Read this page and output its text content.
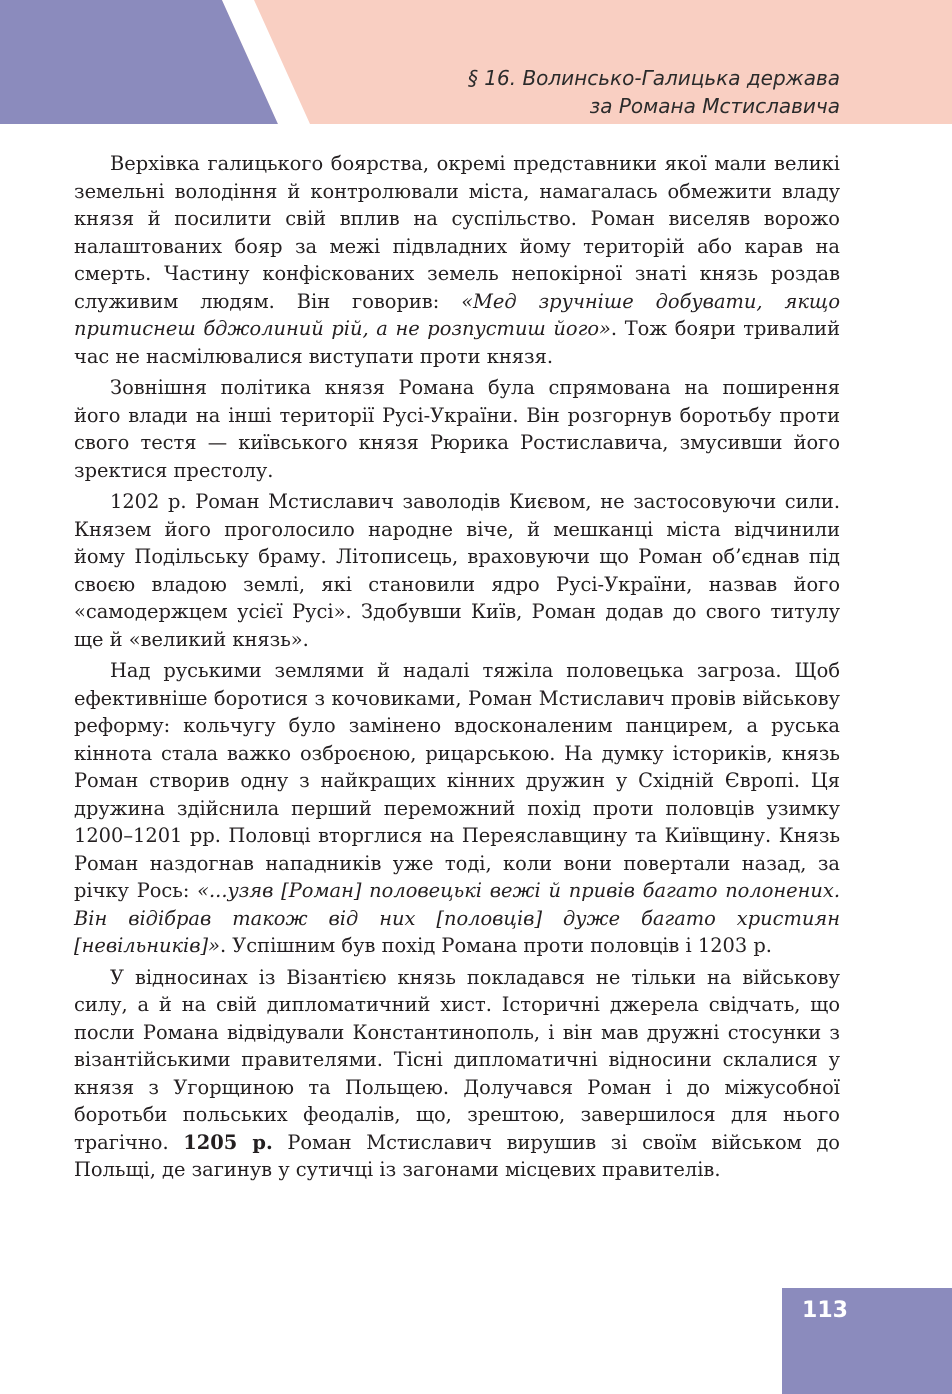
§ 16. Волинсько-Галицька держава
за Романа Мстиславича

Верхівка галицького боярства, окремі представники якої мали великі земельні володіння й контролювали міста, намагалась обмежити владу князя й посилити свій вплив на суспільство. Роман виселяв ворожо налаштованих бояр за межі підвладних йому територій або карав на смерть. Частину конфіскованих земель непокірної знаті князь роздав служивим людям. Він говорив: «Мед зручніше добувати, якщо притиснеш бджолиний рій, а не розпустиш його». Тож бояри тривалий час не насмілювалися виступати проти князя.

Зовнішня політика князя Романа була спрямована на поширення його влади на інші території Русі-України. Він розгорнув боротьбу проти свого тестя — київського князя Рюрика Ростиславича, змусивши його зректися престолу.

1202 р. Роман Мстиславич заволодів Києвом, не застосовуючи сили. Князем його проголосило народне віче, й мешканці міста відчинили йому Подільську браму. Літописець, враховуючи що Роман об’єднав під своєю владою землі, які становили ядро Русі-України, назвав його «самодержцем усієї Русі». Здобувши Київ, Роман додав до свого титулу ще й «великий князь».

Над руськими землями й надалі тяжіла половецька загроза. Щоб ефективніше боротися з кочовиками, Роман Мстиславич провів військову реформу: кольчугу було замінено вдосконаленим панцирем, а руська кіннота стала важко озброєною, рицарською. На думку істориків, князь Роман створив одну з найкращих кінних дружин у Східній Європі. Ця дружина здійснила перший переможний похід проти половців узимку 1200–1201 рр. Половці вторглися на Переяславщину та Київщину. Князь Роман наздогнав нападників уже тоді, коли вони повертали назад, за річку Рось: «...узяв [Роман] половецькі вежі й привів багато полонених. Він відібрав також від них [половців] дуже багато християн [невільників]». Успішним був похід Романа проти половців і 1203 р.

У відносинах із Візантією князь покладався не тільки на військову силу, а й на свій дипломатичний хист. Історичні джерела свідчать, що посли Романа відвідували Константинополь, і він мав дружні стосунки з візантійськими правителями. Тісні дипломатичні відносини склалися у князя з Угорщиною та Польщею. Долучався Роман і до міжусобної боротьби польських феодалів, що, зрештою, завершилося для нього трагічно. 1205 р. Роман Мстиславич вирушив зі своїм військом до Польщі, де загинув у сутичці із загонами місцевих правителів.

113
